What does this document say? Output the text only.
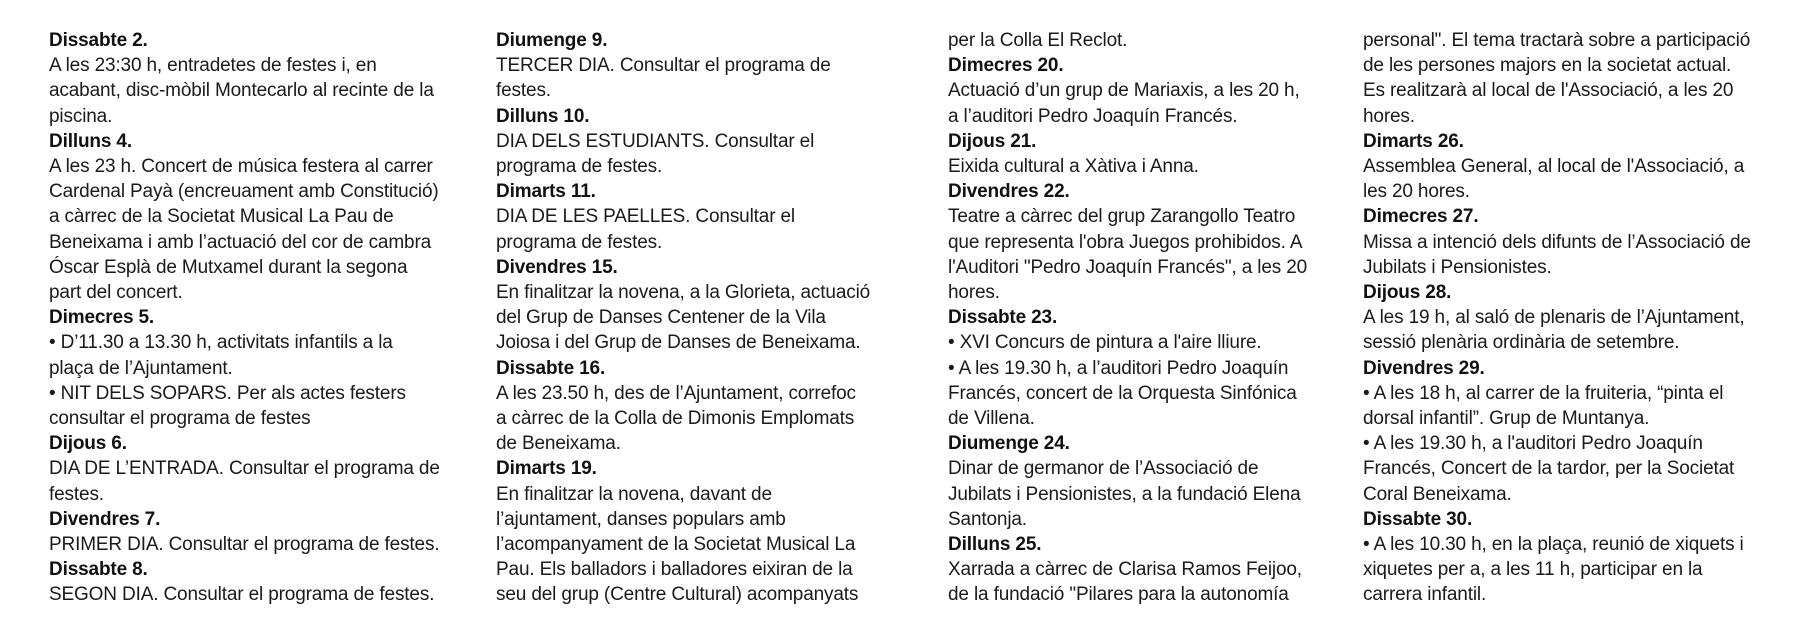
Dissabte 2.
A les 23:30 h, entradetes de festes i, en
acabant, disc-mòbil Montecarlo al recinte de la
piscina.
Dilluns 4.
A les 23 h. Concert de música festera al carrer
Cardenal Payà (encreuament amb Constitució)
a càrrec de la Societat Musical La Pau de
Beneixama i amb l’actuació del cor de cambra
Óscar Esplà de Mutxamel durant la segona
part del concert.
Dimecres 5.
• D’11.30 a 13.30 h, activitats infantils a la
plaça de l’Ajuntament.
• NIT DELS SOPARS. Per als actes festers
consultar el programa de festes
Dijous 6.
DIA DE L’ENTRADA. Consultar el programa de
festes.
Divendres 7.
PRIMER DIA. Consultar el programa de festes.
Dissabte 8.
SEGON DIA. Consultar el programa de festes.
Diumenge 9.
TERCER DIA. Consultar el programa de
festes.
Dilluns 10.
DIA DELS ESTUDIANTS. Consultar el
programa de festes.
Dimarts 11.
DIA DE LES PAELLES. Consultar el
programa de festes.
Divendres 15.
En finalitzar la novena, a la Glorieta, actuació
del Grup de Danses Centener de la Vila
Joiosa i del Grup de Danses de Beneixama.
Dissabte 16.
A les 23.50 h, des de l’Ajuntament, correfoc
a càrrec de la Colla de Dimonis Emplomats
de Beneixama.
Dimarts 19.
En finalitzar la novena, davant de
l’ajuntament, danses populars amb
l’acompanyament de la Societat Musical La
Pau. Els balladors i balladores eixiran de la
seu del grup (Centre Cultural) acompanyats
per la Colla El Reclot.
Dimecres 20.
Actuació d’un grup de Mariaxis, a les 20 h,
a l’auditori Pedro Joaquín Francés.
Dijous 21.
Eixida cultural a Xàtiva i Anna.
Divendres 22.
Teatre a càrrec del grup Zarangollo Teatro
que representa l'obra Juegos prohibidos. A
l'Auditori "Pedro Joaquín Francés", a les 20
hores.
Dissabte 23.
• XVI Concurs de pintura a l'aire lliure.
• A les 19.30 h, a l’auditori Pedro Joaquín
Francés, concert de la Orquesta Sinfónica
de Villena.
Diumenge 24.
Dinar de germanor de l’Associació de
Jubilats i Pensionistes, a la fundació Elena
Santonja.
Dilluns 25.
Xarrada a càrrec de Clarisa Ramos Feijoo,
de la fundació "Pilares para la autonomía
personal". El tema tractarà sobre a participació
de les persones majors en la societat actual.
Es realitzarà al local de l'Associació, a les 20
hores.
Dimarts 26.
Assemblea General, al local de l'Associació, a
les 20 hores.
Dimecres 27.
Missa a intenció dels difunts de l’Associació de
Jubilats i Pensionistes.
Dijous 28.
A les 19 h, al saló de plenaris de l’Ajuntament,
sessió plenària ordinària de setembre.
Divendres 29.
• A les 18 h, al carrer de la fruiteria, “pinta el
dorsal infantil”. Grup de Muntanya.
• A les 19.30 h, a l'auditori Pedro Joaquín
Francés, Concert de la tardor, per la Societat
Coral Beneixama.
Dissabte 30.
• A les 10.30 h, en la plaça, reunió de xiquets i
xiquetes per a, a les 11 h, participar en la
carrera infantil.
